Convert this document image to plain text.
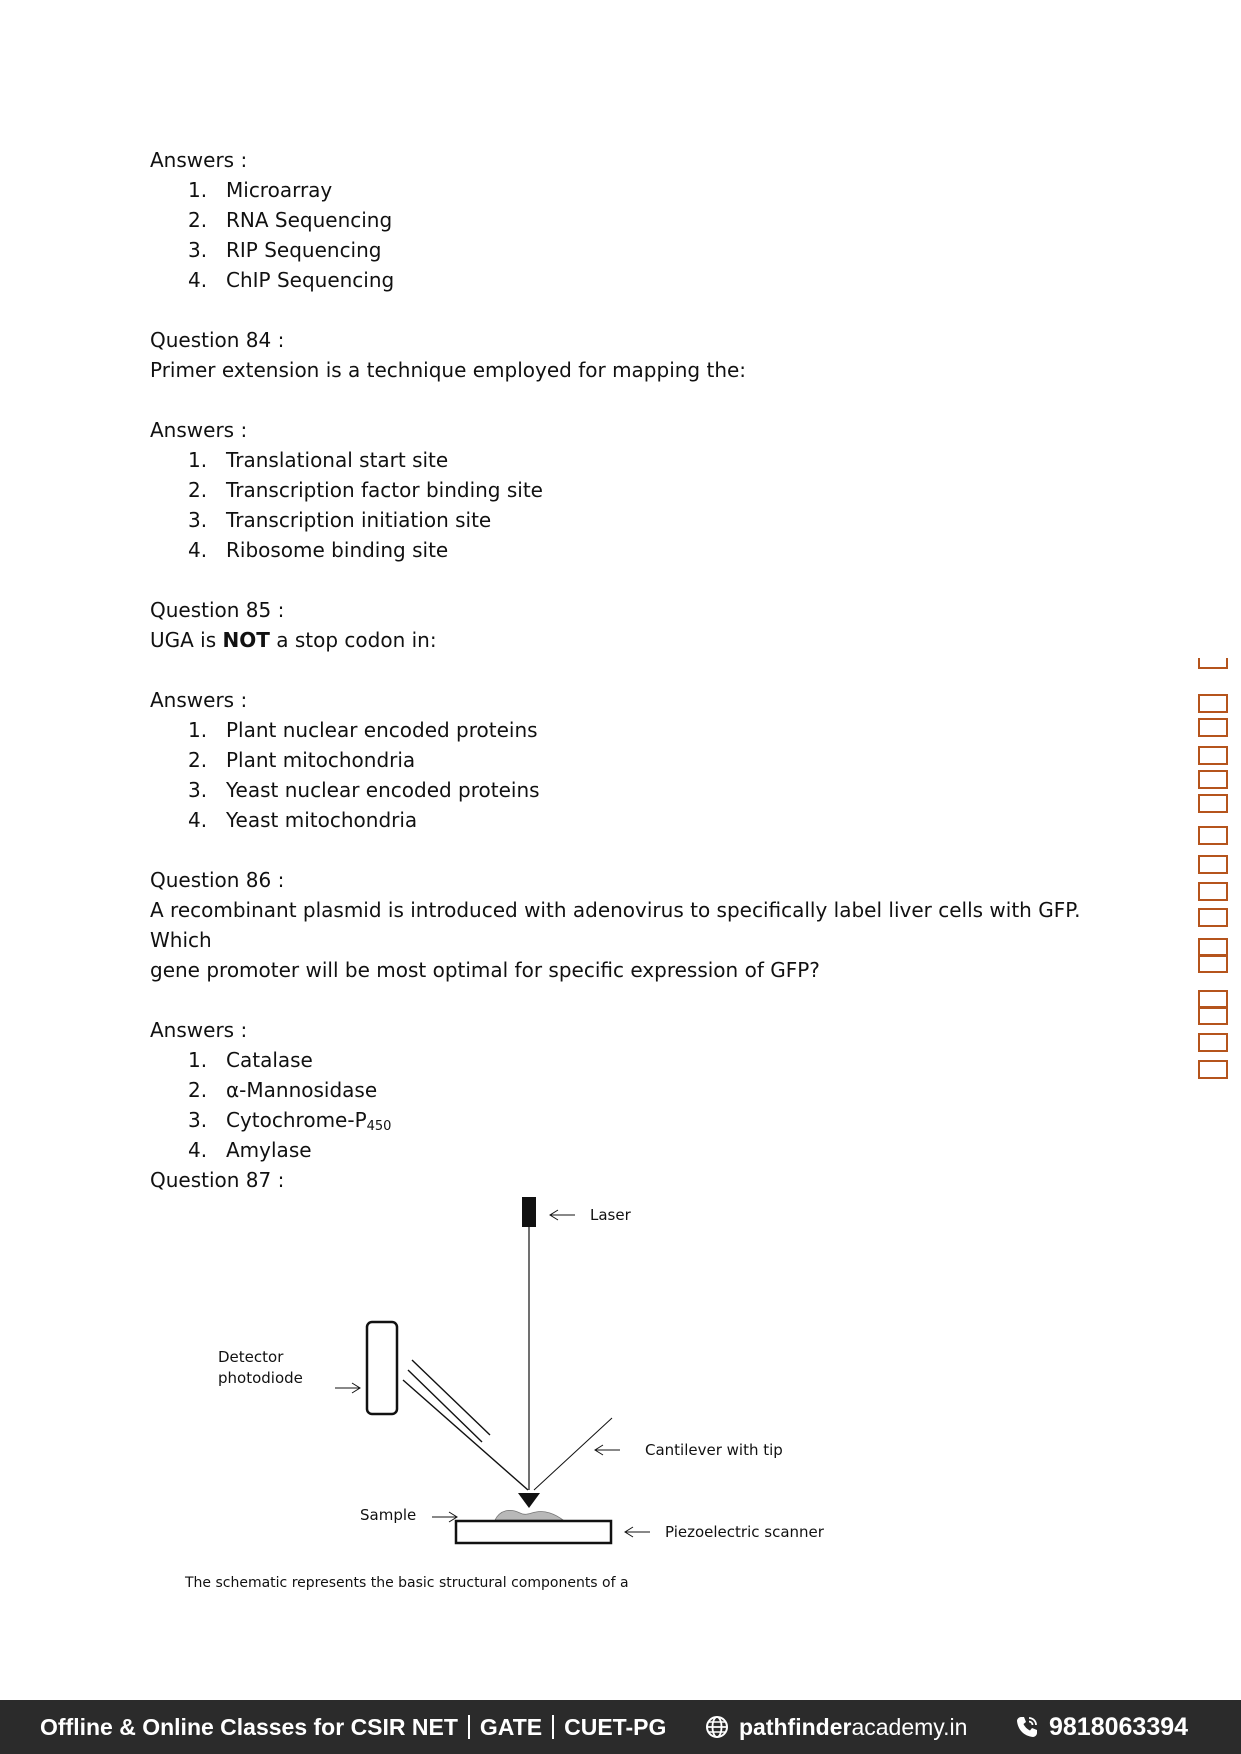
Answers :
1. Microarray
2. RNA Sequencing
3. RIP Sequencing
4. ChIP Sequencing
Question 84 :
Primer extension is a technique employed for mapping the:
Answers :
1. Translational start site
2. Transcription factor binding site
3. Transcription initiation site
4. Ribosome binding site
Question 85 :
UGA is NOT a stop codon in:
Answers :
1. Plant nuclear encoded proteins
2. Plant mitochondria
3. Yeast nuclear encoded proteins
4. Yeast mitochondria
Question 86 :
A recombinant plasmid is introduced with adenovirus to specifically label liver cells with GFP. Which
gene promoter will be most optimal for specific expression of GFP?
Answers :
1. Catalase
2. α-Mannosidase
3. Cytochrome-$P_{450}$
4. Amylase
Question 87 :
Laser
Detector
photodiode
Cantilever with tip
Sample
Piezoelectric scanner
The schematic represents the basic structural components of a
Offline & Online Classes for CSIR NET GATE CUET-PG	pathfinder academy.in	9818063394
